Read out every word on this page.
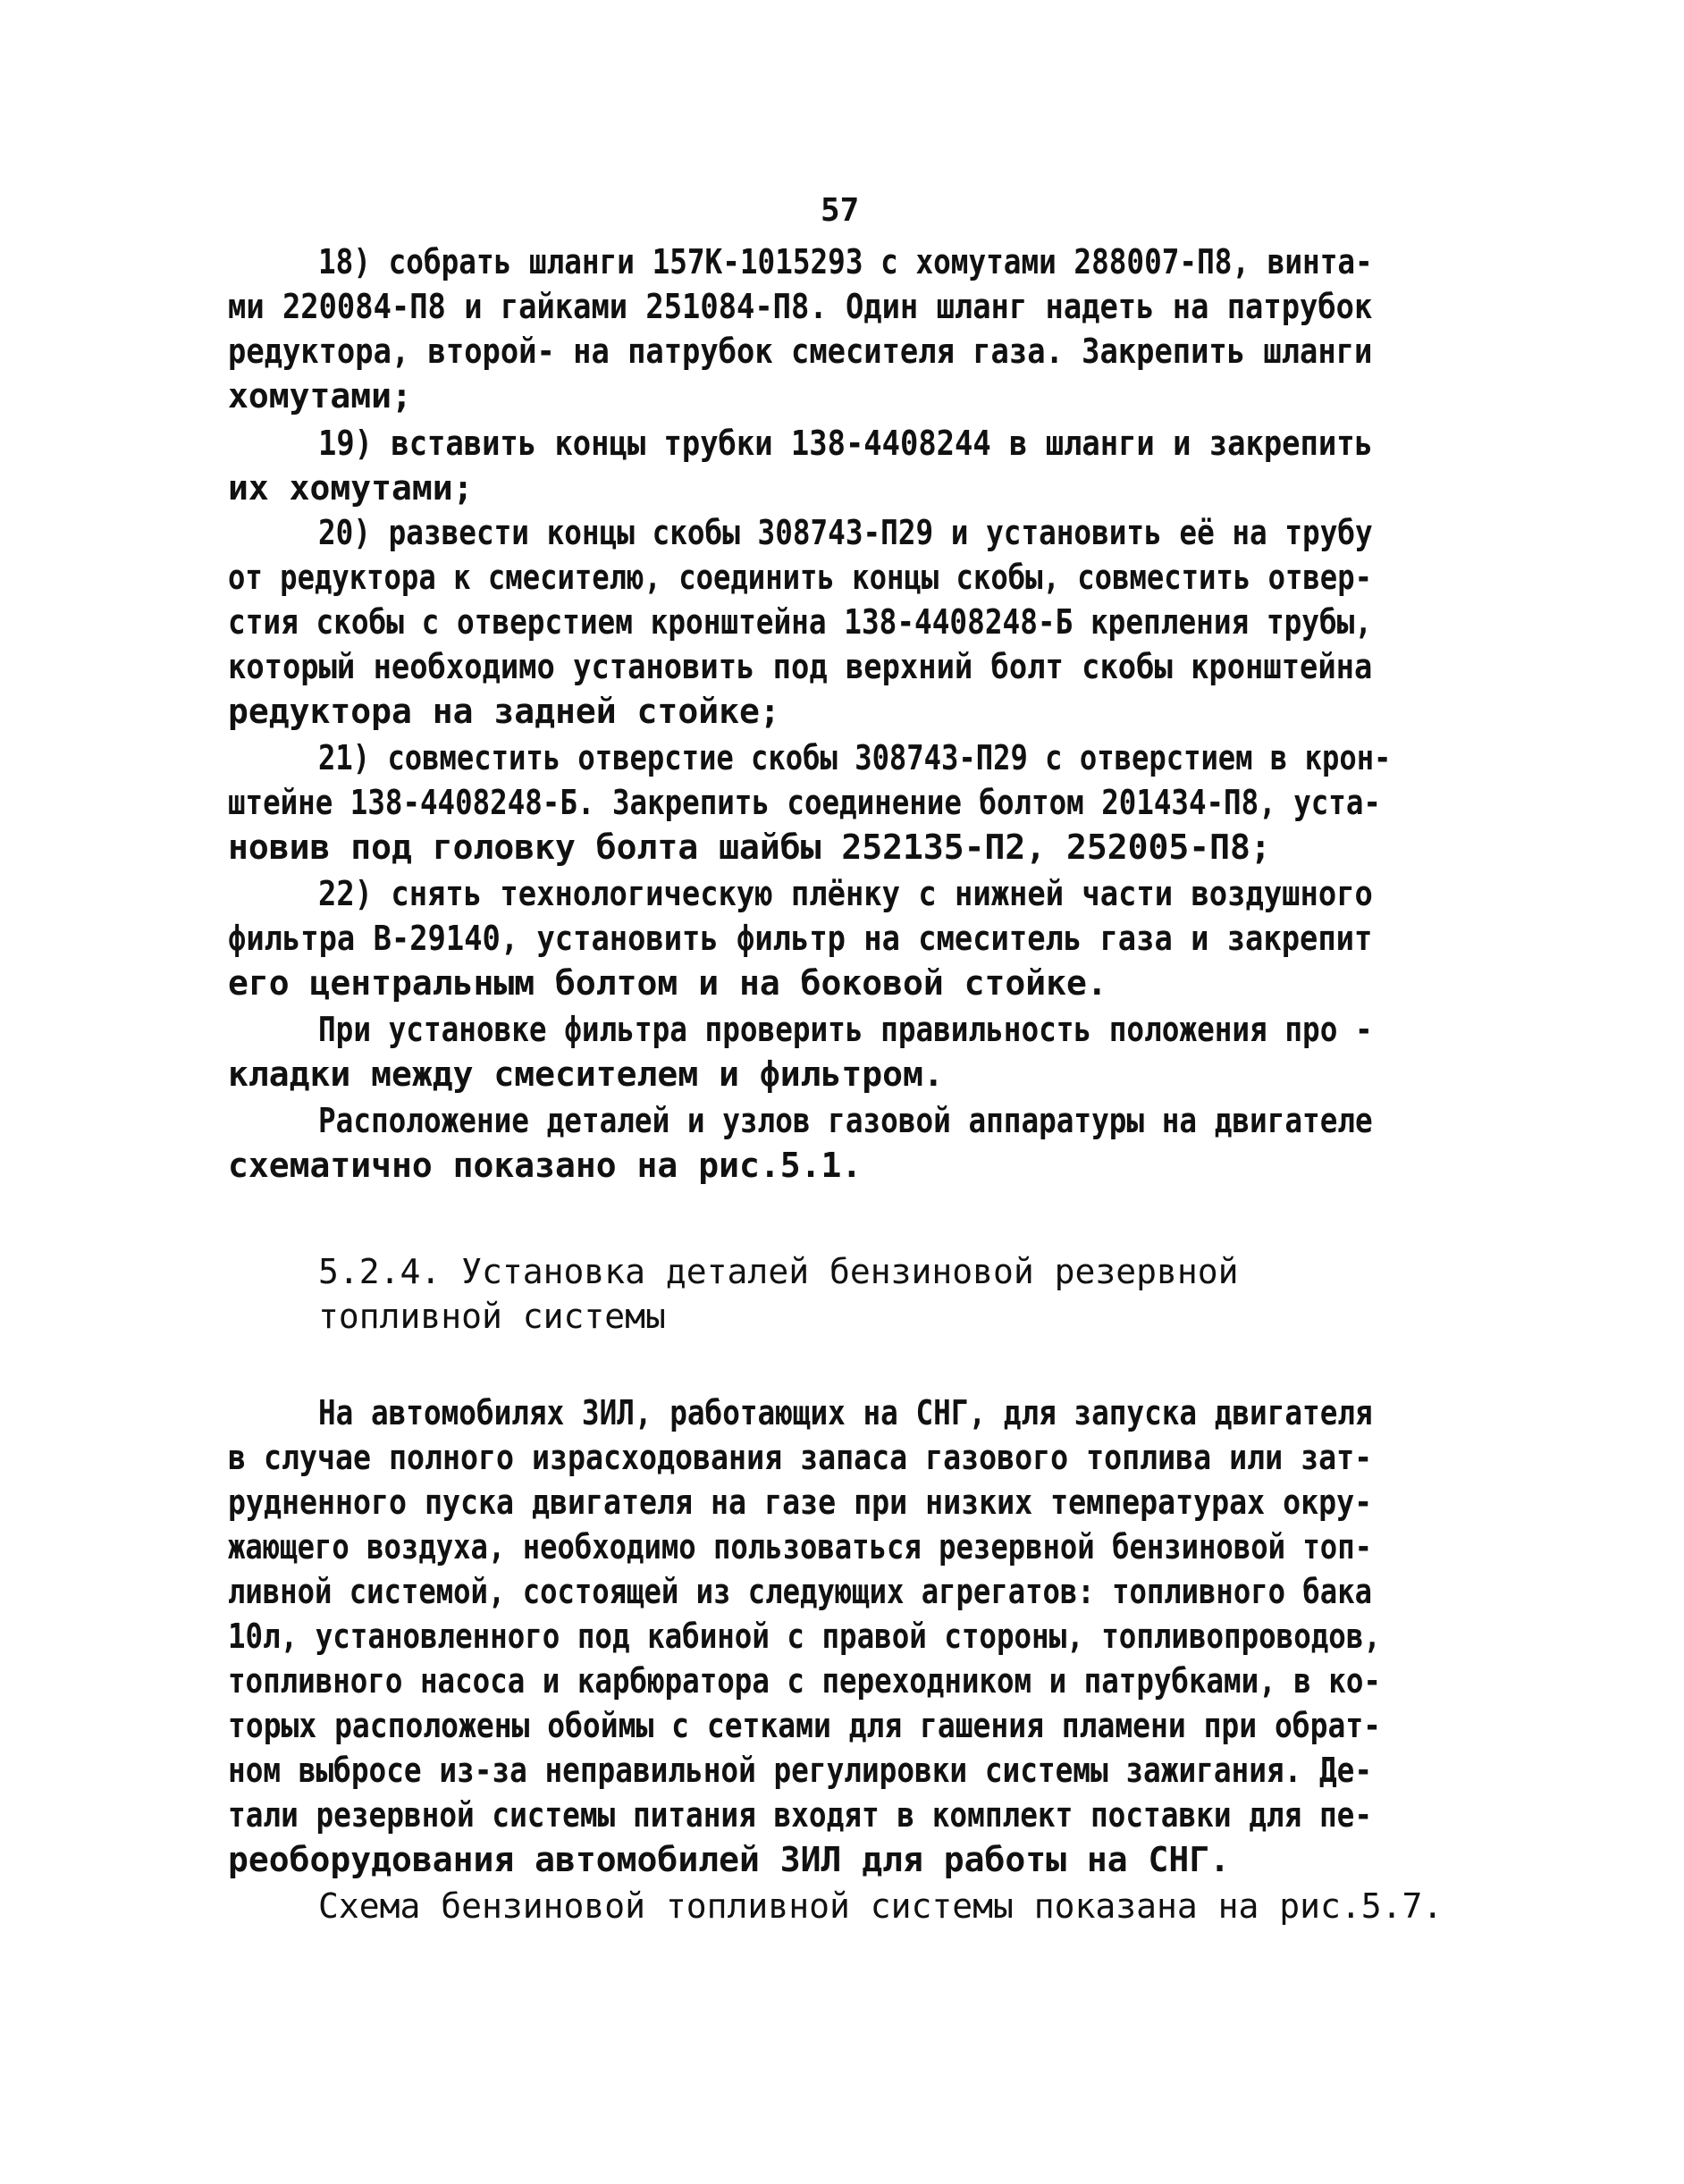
57
18) собрать шланги 157К-1015293 с хомутами 288007-П8, винта-
ми 220084-П8 и гайками 251084-П8. Один шланг надеть на патрубок
редуктора, второй- на патрубок смесителя газа. Закрепить шланги
хомутами;
19) вставить концы трубки 138-4408244 в шланги и закрепить
их хомутами;
20) развести концы скобы 308743-П29 и установить её на трубу
от редуктора к смесителю, соединить концы скобы, совместить отвер-
стия скобы с отверстием кронштейна 138-4408248-Б крепления трубы,
который необходимо установить под верхний болт скобы кронштейна
редуктора на задней стойке;
21) совместить отверстие скобы 308743-П29 с отверстием в крон-
штейне 138-4408248-Б. Закрепить соединение болтом 201434-П8, уста-
новив под головку болта шайбы 252135-П2, 252005-П8;
22) снять технологическую плёнку с нижней части воздушного
фильтра В-29140, установить фильтр на смеситель газа и закрепит
его центральным болтом и на боковой стойке.
При установке фильтра проверить правильность положения про -
кладки между смесителем и фильтром.
Расположение деталей и узлов газовой аппаратуры на двигателе
схематично показано на рис.5.1.
5.2.4. Установка деталей бензиновой резервной
топливной системы
На автомобилях ЗИЛ, работающих на СНГ, для запуска двигателя
в случае полного израсходования запаса газового топлива или зат-
рудненного пуска двигателя на газе при низких температурах окру-
жающего воздуха, необходимо пользоваться резервной бензиновой топ-
ливной системой, состоящей из следующих агрегатов: топливного бака
10л, установленного под кабиной с правой стороны, топливопроводов,
топливного насоса и карбюратора с переходником и патрубками, в ко-
торых расположены обоймы с сетками для гашения пламени при обрат-
ном выбросе из-за неправильной регулировки системы зажигания. Де-
тали резервной системы питания входят в комплект поставки для пе-
реоборудования автомобилей ЗИЛ для работы на СНГ.
Схема бензиновой топливной системы показана на рис.5.7.
